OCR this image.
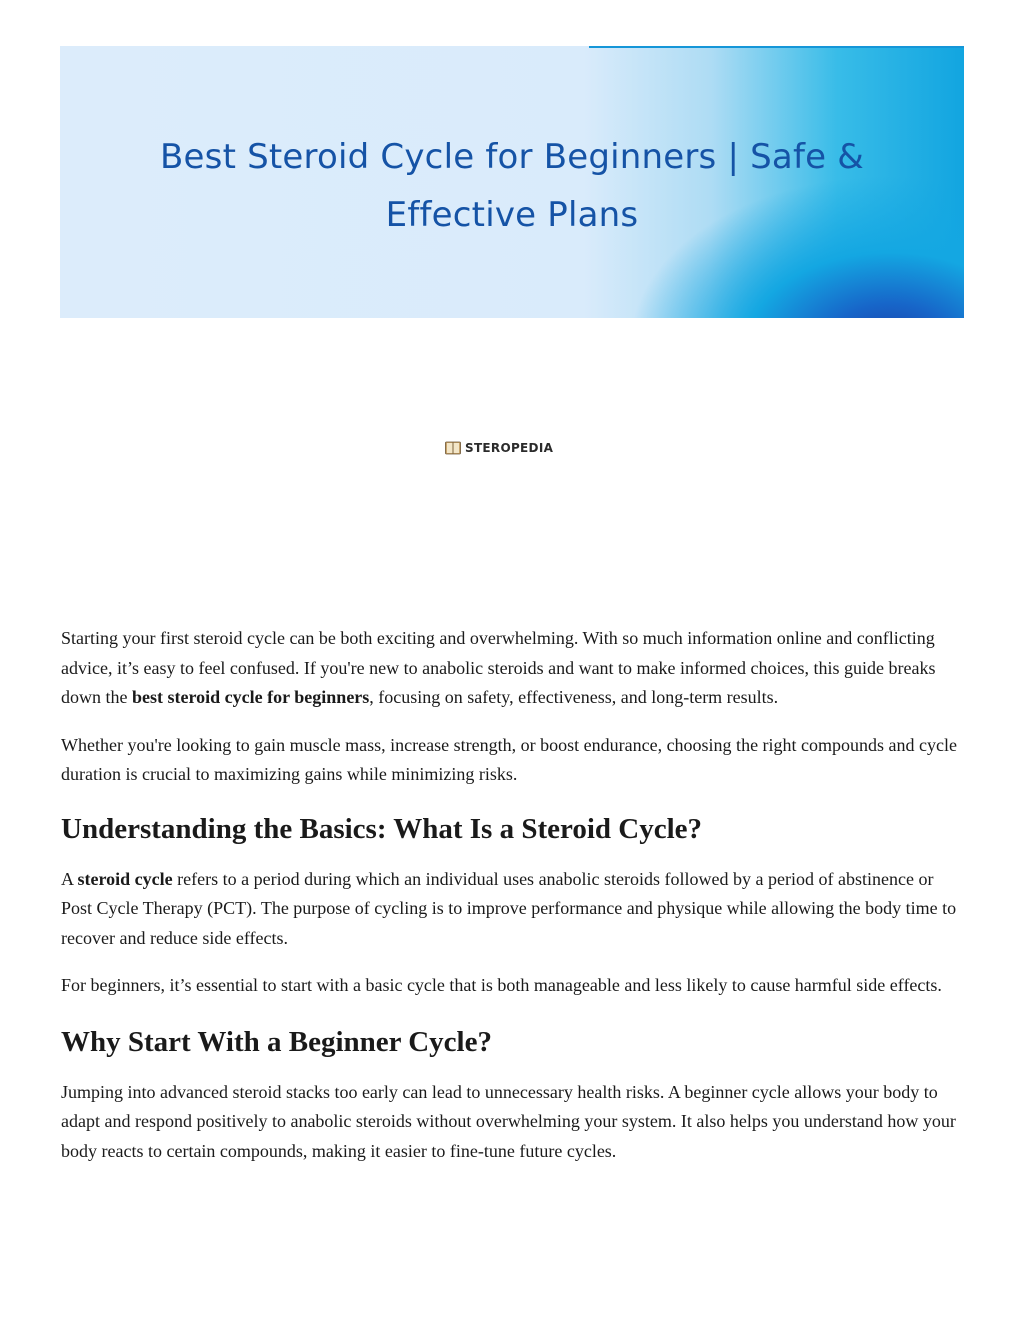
Best Steroid Cycle for Beginners | Safe &
Effective Plans
STEROPEDIA

Starting your first steroid cycle can be both exciting and overwhelming. With so much information online and conflicting advice, it’s easy to feel confused. If you're new to anabolic steroids and want to make informed choices, this guide breaks down the best steroid cycle for beginners, focusing on safety, effectiveness, and long-term results.

Whether you're looking to gain muscle mass, increase strength, or boost endurance, choosing the right compounds and cycle duration is crucial to maximizing gains while minimizing risks.

Understanding the Basics: What Is a Steroid Cycle?

A steroid cycle refers to a period during which an individual uses anabolic steroids followed by a period of abstinence or Post Cycle Therapy (PCT). The purpose of cycling is to improve performance and physique while allowing the body time to recover and reduce side effects.

For beginners, it’s essential to start with a basic cycle that is both manageable and less likely to cause harmful side effects.

Why Start With a Beginner Cycle?

Jumping into advanced steroid stacks too early can lead to unnecessary health risks. A beginner cycle allows your body to adapt and respond positively to anabolic steroids without overwhelming your system. It also helps you understand how your body reacts to certain compounds, making it easier to fine-tune future cycles.
